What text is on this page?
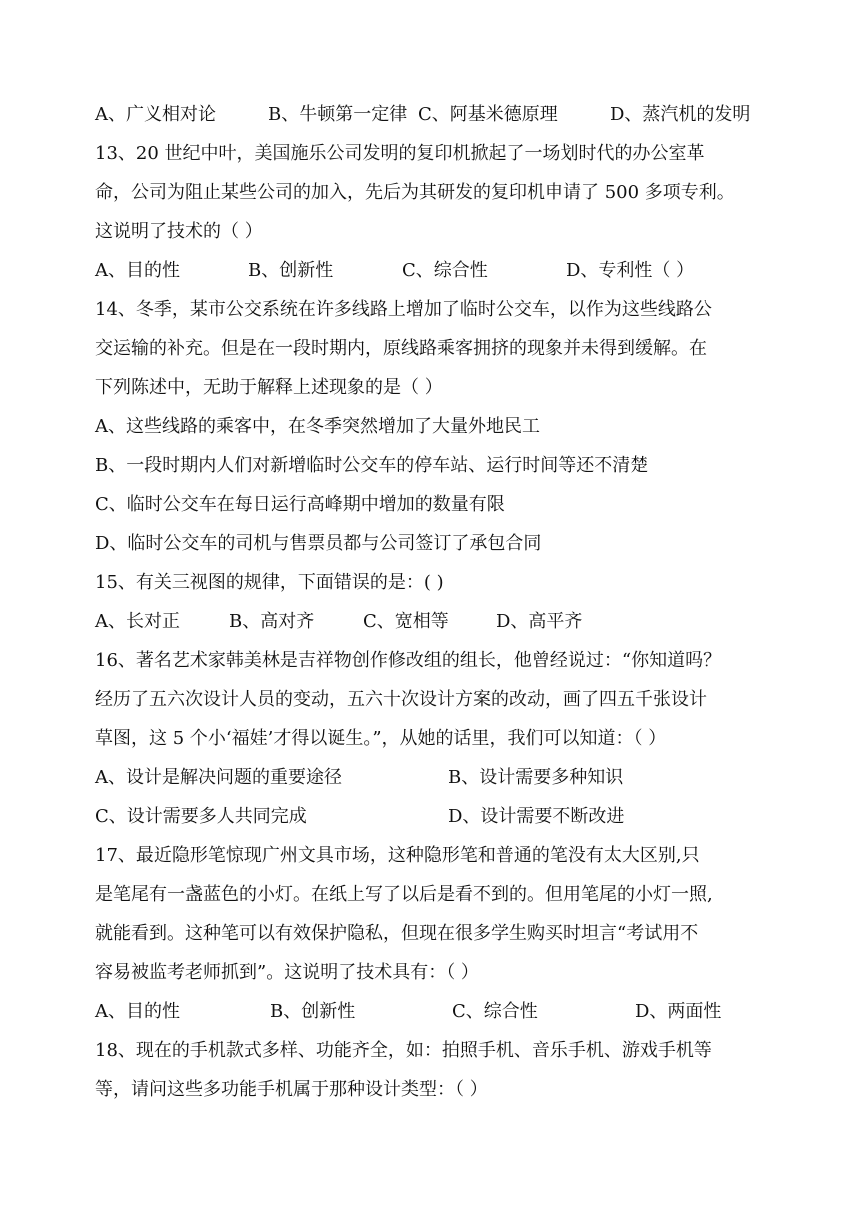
A、广义相对论	B、牛顿第一定律 C、阿基米德原理	D、蒸汽机的发明
13、20 世纪中叶，美国施乐公司发明的复印机掀起了一场划时代的办公室革
命，公司为阻止某些公司的加入，先后为其研发的复印机申请了 500 多项专利。
这说明了技术的（ ）
A、目的性	B、创新性	C、综合性	D、专利性（ ）
14、冬季，某市公交系统在许多线路上增加了临时公交车，以作为这些线路公
交运输的补充。但是在一段时期内，原线路乘客拥挤的现象并未得到缓解。在
下列陈述中，无助于解释上述现象的是（ ）
A、这些线路的乘客中，在冬季突然增加了大量外地民工
B、一段时期内人们对新增临时公交车的停车站、运行时间等还不清楚
C、临时公交车在每日运行高峰期中增加的数量有限
D、临时公交车的司机与售票员都与公司签订了承包合同
15、有关三视图的规律，下面错误的是：( )
A、长对正	B、高对齐	C、宽相等	D、高平齐
16、著名艺术家韩美林是吉祥物创作修改组的组长，他曾经说过：“你知道吗？
经历了五六次设计人员的变动，五六十次设计方案的改动，画了四五千张设计
草图，这 5 个小‘福娃’才得以诞生。”，从她的话里，我们可以知道：（ ）
A、设计是解决问题的重要途径	B、设计需要多种知识
C、设计需要多人共同完成	D、设计需要不断改进
17、最近隐形笔惊现广州文具市场，这种隐形笔和普通的笔没有太大区别,只
是笔尾有一盏蓝色的小灯。在纸上写了以后是看不到的。但用笔尾的小灯一照,
就能看到。这种笔可以有效保护隐私，但现在很多学生购买时坦言“考试用不
容易被监考老师抓到”。这说明了技术具有：（ ）
A、目的性	B、创新性	C、综合性	D、两面性
18、现在的手机款式多样、功能齐全，如：拍照手机、音乐手机、游戏手机等
等，请问这些多功能手机属于那种设计类型：（ ）
